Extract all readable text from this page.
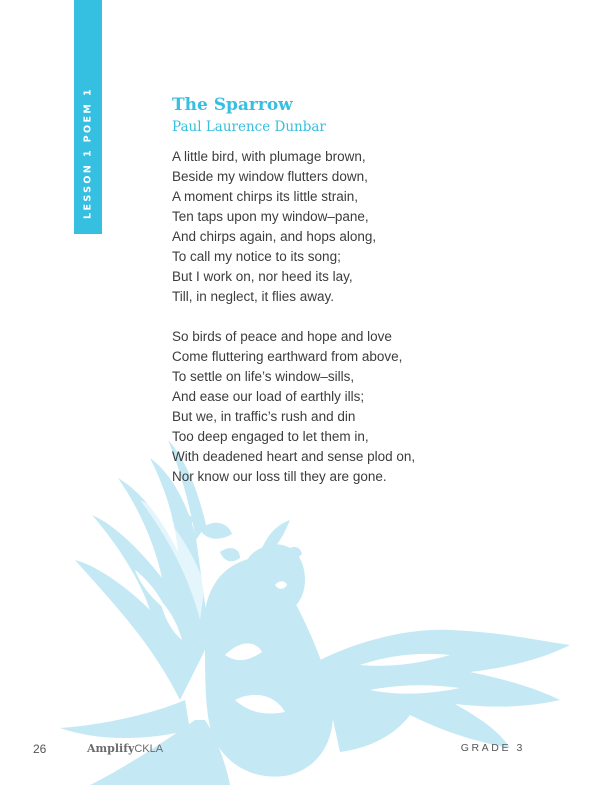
LESSON 1 POEM 1	The Sparrow
Paul Laurence Dunbar
A little bird, with plumage brown,
Beside my window flutters down,
A moment chirps its little strain,
Ten taps upon my window–pane,
And chirps again, and hops along,
To call my notice to its song;
But I work on, nor heed its lay,
Till, in neglect, it flies away.
So birds of peace and hope and love
Come fluttering earthward from above,
To settle on life’s window–sills,
And ease our load of earthly ills;
But we, in traffic’s rush and din
Too deep engaged to let them in,
With deadened heart and sense plod on,
Nor know our loss till they are gone.
26	AmplifyCKLA	GRADE 3
